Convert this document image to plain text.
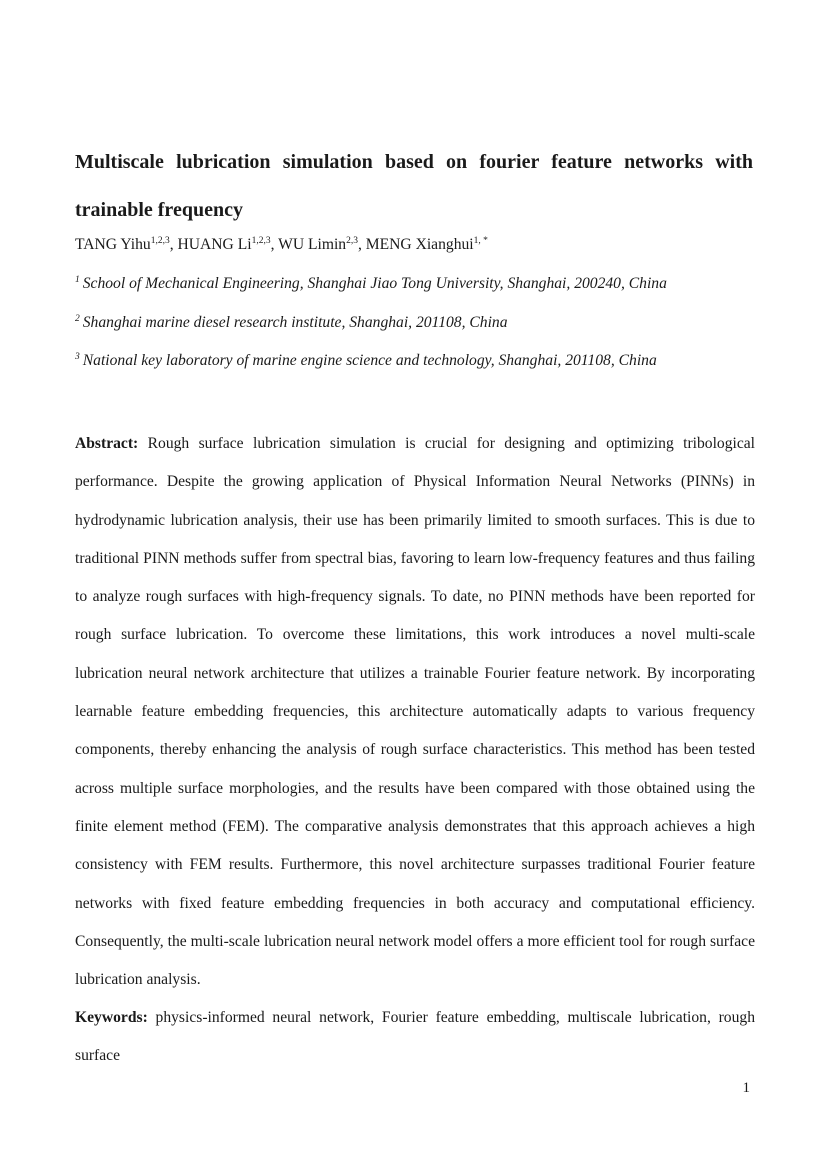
Multiscale lubrication simulation based on fourier feature networks with trainable frequency
TANG Yihu$^{1,2,3}$, HUANG Li$^{1,2,3}$, WU Limin$^{2,3}$, MENG Xianghui$^{1, *}$
$^1$ School of Mechanical Engineering, Shanghai Jiao Tong University, Shanghai, 200240, China
$^2$ Shanghai marine diesel research institute, Shanghai, 201108, China
$^3$ National key laboratory of marine engine science and technology, Shanghai, 201108, China

Abstract: Rough surface lubrication simulation is crucial for designing and optimizing tribological performance. Despite the growing application of Physical Information Neural Networks (PINNs) in hydrodynamic lubrication analysis, their use has been primarily limited to smooth surfaces. This is due to traditional PINN methods suffer from spectral bias, favoring to learn low-frequency features and thus failing to analyze rough surfaces with high-frequency signals. To date, no PINN methods have been reported for rough surface lubrication. To overcome these limitations, this work introduces a novel multi-scale lubrication neural network architecture that utilizes a trainable Fourier feature network. By incorporating learnable feature embedding frequencies, this architecture automatically adapts to various frequency components, thereby enhancing the analysis of rough surface characteristics. This method has been tested across multiple surface morphologies, and the results have been compared with those obtained using the finite element method (FEM). The comparative analysis demonstrates that this approach achieves a high consistency with FEM results. Furthermore, this novel architecture surpasses traditional Fourier feature networks with fixed feature embedding frequencies in both accuracy and computational efficiency. Consequently, the multi-scale lubrication neural network model offers a more efficient tool for rough surface lubrication analysis.

Keywords: physics-informed neural network, Fourier feature embedding, multiscale lubrication, rough surface

1
